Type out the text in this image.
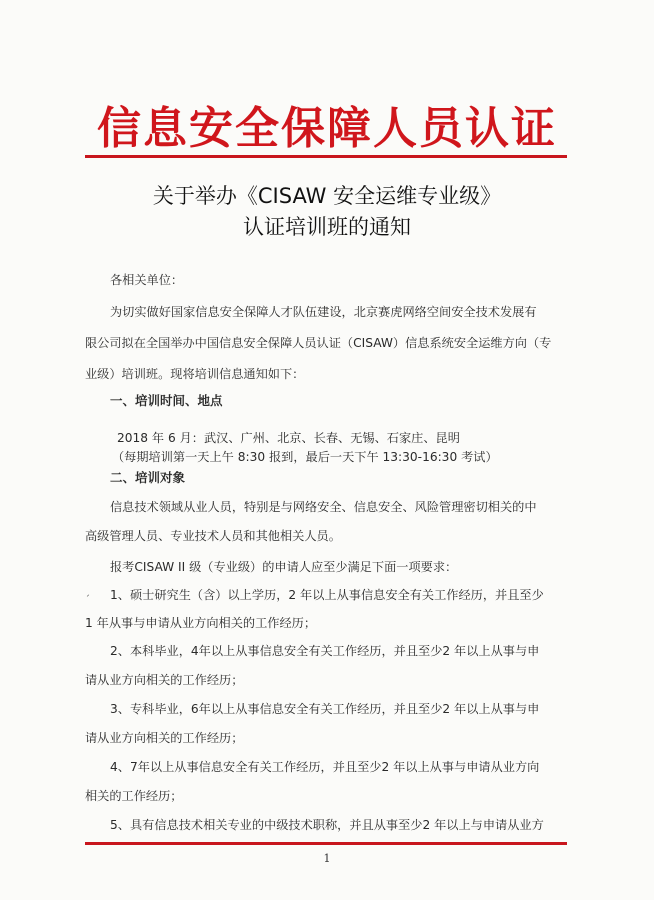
信息安全保障人员认证
关于举办《CISAW 安全运维专业级》
认证培训班的通知
各相关单位：
为切实做好国家信息安全保障人才队伍建设，北京赛虎网络空间安全技术发展有
限公司拟在全国举办中国信息安全保障人员认证（CISAW）信息系统安全运维方向（专
业级）培训班。现将培训信息通知如下：
一、培训时间、地点
2018 年 6 月：武汉、广州、北京、长春、无锡、石家庄、昆明
（每期培训第一天上午 8:30 报到，最后一天下午 13:30-16:30 考试）
二、培训对象
信息技术领域从业人员，特别是与网络安全、信息安全、风险管理密切相关的中
高级管理人员、专业技术人员和其他相关人员。
报考CISAW II 级（专业级）的申请人应至少满足下面一项要求：
ˏ 1、硕士研究生（含）以上学历，2 年以上从事信息安全有关工作经历，并且至少
1 年从事与申请从业方向相关的工作经历；
2、本科毕业，4年以上从事信息安全有关工作经历，并且至少2 年以上从事与申
请从业方向相关的工作经历；
3、专科毕业，6年以上从事信息安全有关工作经历，并且至少2 年以上从事与申
请从业方向相关的工作经历；
4、7年以上从事信息安全有关工作经历，并且至少2 年以上从事与申请从业方向
相关的工作经历；
5、具有信息技术相关专业的中级技术职称，并且从事至少2 年以上与申请从业方
1
